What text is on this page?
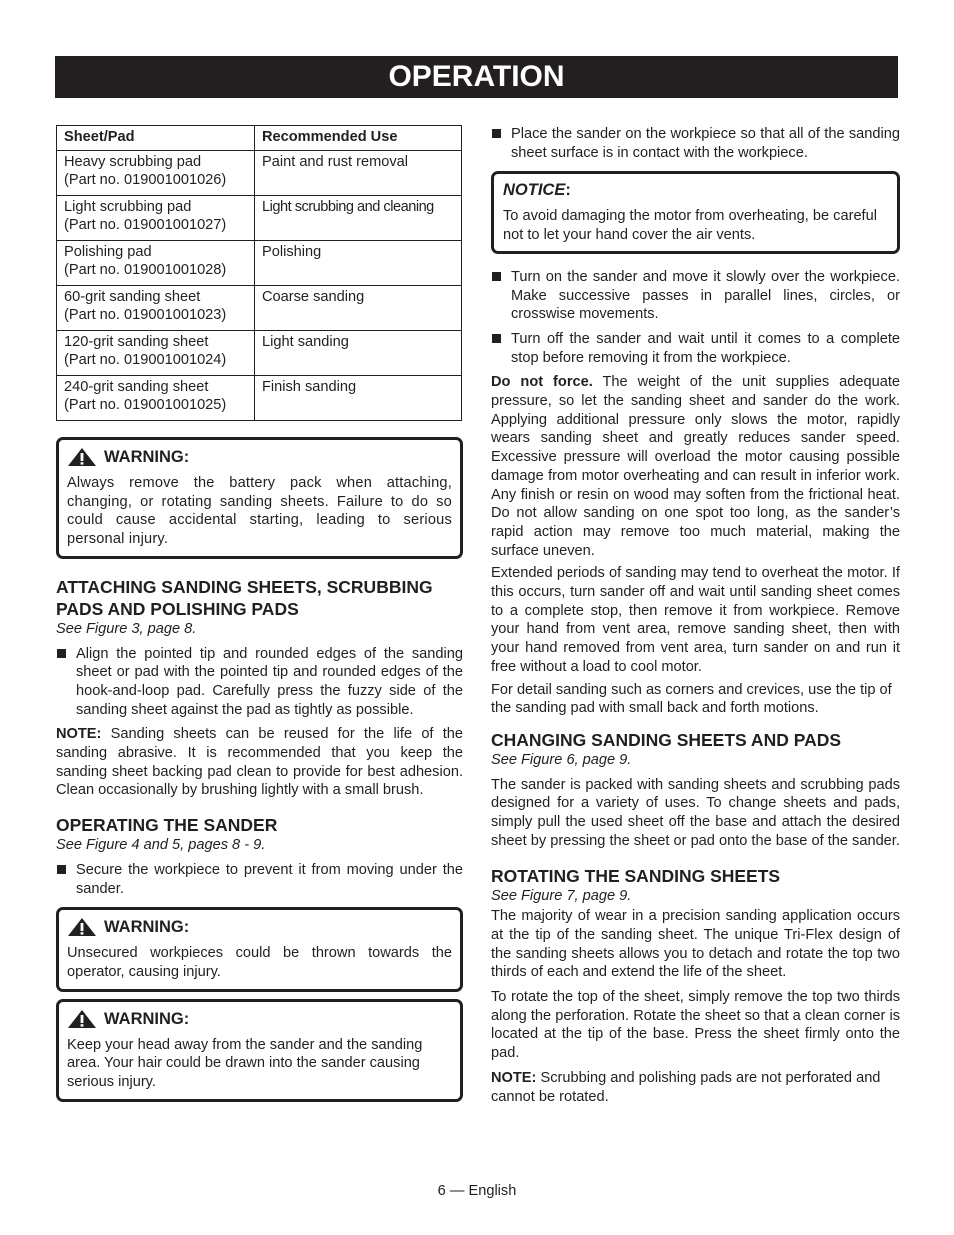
OPERATION
Sheet/Pad	Recommended Use
Heavy scrubbing pad
(Part no. 019001001026)	Paint and rust removal
Light scrubbing pad
(Part no. 019001001027)	Light scrubbing and cleaning
Polishing pad
(Part no. 019001001028)	Polishing
60-grit sanding sheet
(Part no. 019001001023)	Coarse sanding
120-grit sanding sheet
(Part no. 019001001024)	Light sanding
240-grit sanding sheet
(Part no. 019001001025)	Finish sanding
WARNING:

Always remove the battery pack when attaching, changing, or rotating sanding sheets. Failure to do so could cause accidental starting, leading to serious personal injury.

ATTACHING SANDING SHEETS, SCRUBBING PADS AND POLISHING PADS
See Figure 3, page 8.

Align the pointed tip and rounded edges of the sanding sheet or pad with the pointed tip and rounded edges of the hook-and-loop pad. Carefully press the fuzzy side of the sanding sheet against the pad as tightly as possible.

NOTE: Sanding sheets can be reused for the life of the sanding abrasive. It is recommended that you keep the sanding sheet backing pad clean to provide for best adhesion. Clean occasionally by brushing lightly with a small brush.

OPERATING THE SANDER
See Figure 4 and 5, pages 8 - 9.

Secure the workpiece to prevent it from moving under the sander.

WARNING:

Unsecured workpieces could be thrown towards the operator, causing injury.

WARNING:

Keep your head away from the sander and the sanding area. Your hair could be drawn into the sander causing serious injury.

Place the sander on the workpiece so that all of the sanding sheet surface is in contact with the workpiece.

NOTICE:

To avoid damaging the motor from overheating, be careful not to let your hand cover the air vents.

Turn on the sander and move it slowly over the workpiece. Make successive passes in parallel lines, circles, or crosswise movements.

Turn off the sander and wait until it comes to a complete stop before removing it from the workpiece.

Do not force. The weight of the unit supplies adequate pressure, so let the sanding sheet and sander do the work. Applying additional pressure only slows the motor, rapidly wears sanding sheet and greatly reduces sander speed. Excessive pressure will overload the motor causing possible damage from motor overheating and can result in inferior work. Any finish or resin on wood may soften from the frictional heat. Do not allow sanding on one spot too long, as the sander’s rapid action may remove too much material, making the surface uneven.

Extended periods of sanding may tend to overheat the motor. If this occurs, turn sander off and wait until sanding sheet comes to a complete stop, then remove it from workpiece. Remove your hand from vent area, remove sanding sheet, then with your hand removed from vent area, turn sander on and run it free without a load to cool motor.

For detail sanding such as corners and crevices, use the tip of the sanding pad with small back and forth motions.

CHANGING SANDING SHEETS AND PADS
See Figure 6, page 9.

The sander is packed with sanding sheets and scrubbing pads designed for a variety of uses. To change sheets and pads, simply pull the used sheet off the base and attach the desired sheet by pressing the sheet or pad onto the base of the sander.

ROTATING THE SANDING SHEETS
See Figure 7, page 9.

The majority of wear in a precision sanding application occurs at the tip of the sanding sheet. The unique Tri-Flex design of the sanding sheets allows you to detach and rotate the top two thirds of each and extend the life of the sheet.

To rotate the top of the sheet, simply remove the top two thirds along the perforation. Rotate the sheet so that a clean corner is located at the tip of the base. Press the sheet firmly onto the pad.

NOTE: Scrubbing and polishing pads are not perforated and cannot be rotated.

6 — English
